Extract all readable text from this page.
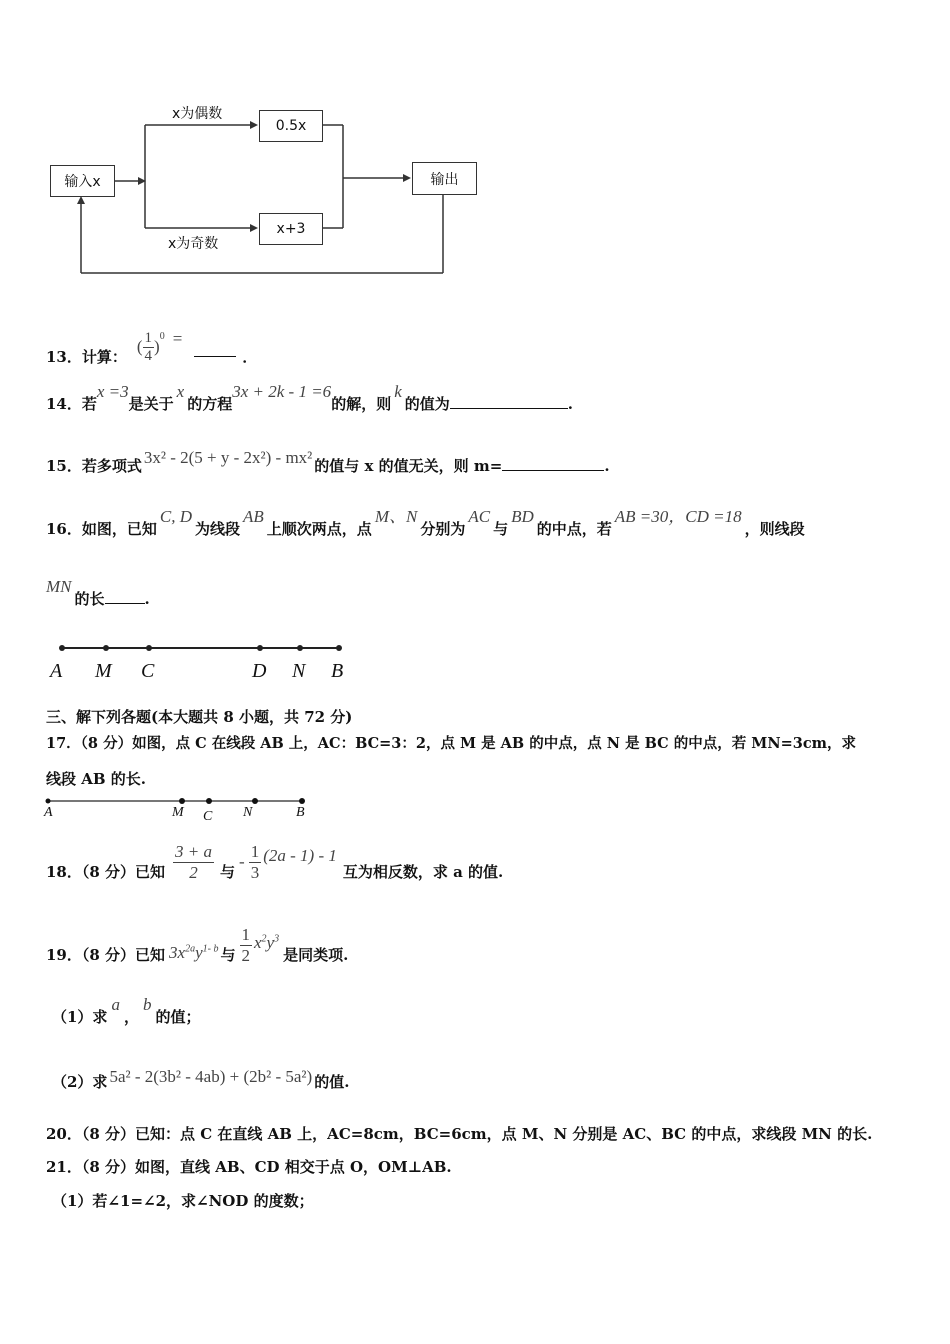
输入x
0.5x
x+3
输出
x为偶数
x为奇数
13．计算：
( $\frac{1}{4}$ )
$^0$ =
．
14．若x =3是关于x的方程3x + 2k - 1 =6的解，则k的值为	.
15．若多项式 3x² - 2(5 + y - 2x²) - mx² 的值与 x 的值无关，则 m=	.
16．如图，已知C, D为线段AB上顺次两点，点M、N分别为AC与BD的中点，若AB =30，CD =18，则线段
MN的长	.
A M C	D N B
三、解下列各题(本大题共 8 小题，共 72 分)
17．（8 分）如图，点 C 在线段 AB 上，AC：BC=3：2，点 M 是 AB 的中点，点 N 是 BC 的中点，若 MN=3cm，求
线段 AB 的长.
A	M C N	B
18．（8 分）已知 $\frac{3 + a}{2}$ 与
- $\frac{1}{3} (2a - 1) - 1$
互为相反数，求 a 的值.
19．（8 分）已知 $3x^{2a}y^{1- b}$ 与 $\frac{1}{2} x^2y^3$
是同类项.
（1）求a，b的值；
（2）求 5a² - 2(3b² - 4ab) + (2b² - 5a²) 的值.
20．（8 分）已知：点 C 在直线 AB 上，AC=8cm，BC=6cm，点 M、N 分别是 AC、BC 的中点，求线段 MN 的长.
21．（8 分）如图，直线 AB、CD 相交于点 O，OM⊥AB.
（1）若∠1=∠2，求∠NOD 的度数；
